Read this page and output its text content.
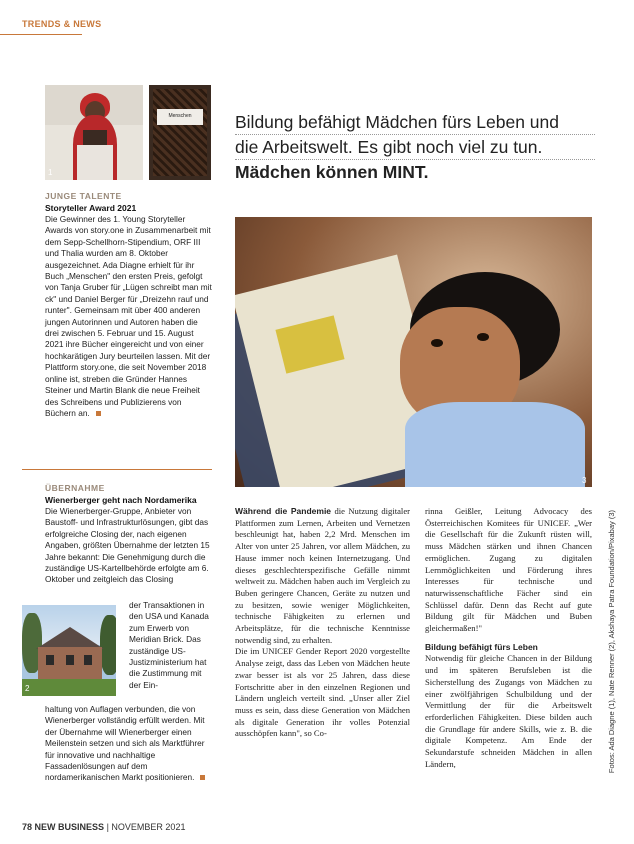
TRENDS & NEWS
1
Menschen
JUNGE TALENTE
Storyteller Award 2021
Die Gewinner des 1. Young Storyteller Awards von story.one in Zusammenarbeit mit dem Sepp-Schellhorn-Stipendium, ORF III und Thalia wurden am 8. Oktober ausgezeichnet. Ada Diagne erhielt für ihr Buch „Menschen" den ersten Preis, gefolgt von Tanja Gruber für „Lügen schreibt man mit ck" und Daniel Berger für „Dreizehn rauf und runter". Gemeinsam mit über 400 anderen jungen Autorinnen und Autoren haben die drei zwischen 5. Februar und 15. August 2021 ihre Bücher eingereicht und von einer hochkarätigen Jury beurteilen lassen. Mit der Plattform story.one, die seit November 2018 online ist, streben die Gründer Hannes Steiner und Martin Blank die neue Freiheit des Schreibens und Publizierens von Büchern an.
ÜBERNAHME
Wienerberger geht nach Nordamerika
Die Wienerberger-Gruppe, Anbieter von Baustoff- und Infrastrukturlösungen, gibt das erfolgreiche Closing der, nach eigenen Angaben, größten Übernahme der letzten 15 Jahre bekannt: Die Genehmigung durch die zuständige US-Kartellbehörde erfolgte am 6. Oktober und zeitgleich das Closing
2
der Transaktionen in den USA und Kanada zum Erwerb von Meridian Brick. Das zuständige US-Justizministerium hat die Zustimmung mit der Ein-
haltung von Auflagen verbunden, die von Wienerberger vollständig erfüllt werden. Mit der Übernahme will Wienerberger einen Meilenstein setzen und sich als Marktführer für innovative und nachhaltige Fassadenlösungen auf dem nordamerikanischen Markt positionieren.
Bildung befähigt Mädchen fürs Leben und
die Arbeitswelt. Es gibt noch viel zu tun.
Mädchen können MINT.
3
Während die Pandemie die Nutzung digitaler Plattformen zum Lernen, Arbeiten und Vernetzen beschleunigt hat, haben 2,2 Mrd. Menschen im Alter von unter 25 Jahren, vor allem Mädchen, zu Hause immer noch keinen Internetzugang. Und dieses geschlechterspezifische Gefälle nimmt weltweit zu. Mädchen haben auch im Vergleich zu Buben geringere Chancen, Geräte zu nutzen und zu besitzen, sowie weniger Möglichkeiten, technische Fähigkeiten zu erlernen und Arbeitsplätze, für die technische Kenntnisse notwendig sind, zu erhalten.
Die im UNICEF Gender Report 2020 vorgestellte Analyse zeigt, dass das Leben von Mädchen heute zwar besser ist als vor 25 Jahren, dass diese Fortschritte aber in den einzelnen Regionen und Ländern ungleich verteilt sind. „Unser aller Ziel muss es sein, dass diese Generation von Mädchen als digitale Generation ihr volles Potenzial ausschöpfen kann", so Co-
rinna Geißler, Leitung Advocacy des Österreichischen Komitees für UNICEF. „Wer die Gesellschaft für die Zukunft rüsten will, muss Mädchen stärken und ihnen Chancen ermöglichen. Zugang zu digitalen Lernmöglichkeiten und Förderung ihres Interesses für technische und naturwissenschaftliche Fächer sind ein Schlüssel dafür. Denn das Recht auf gute Bildung gilt für Mädchen und Buben gleichermaßen!"
Bildung befähigt fürs Leben
Notwendig für gleiche Chancen in der Bildung und im späteren Berufsleben ist die Sicherstellung des Zugangs von Mädchen zu einer zwölfjährigen Schulbildung und der Vermittlung der für die Arbeitswelt erforderlichen Fähigkeiten. Diese bilden auch die Grundlage für andere Skills, wie z. B. die digitale Kompetenz. Am Ende der Sekundarstufe schneiden Mädchen in allen Ländern,	Fotos: Ada Diagne (1), Nate Renner (2), Akshaya Patra Foundation/Pixabay (3)
78 NEW BUSINESS | NOVEMBER 2021
